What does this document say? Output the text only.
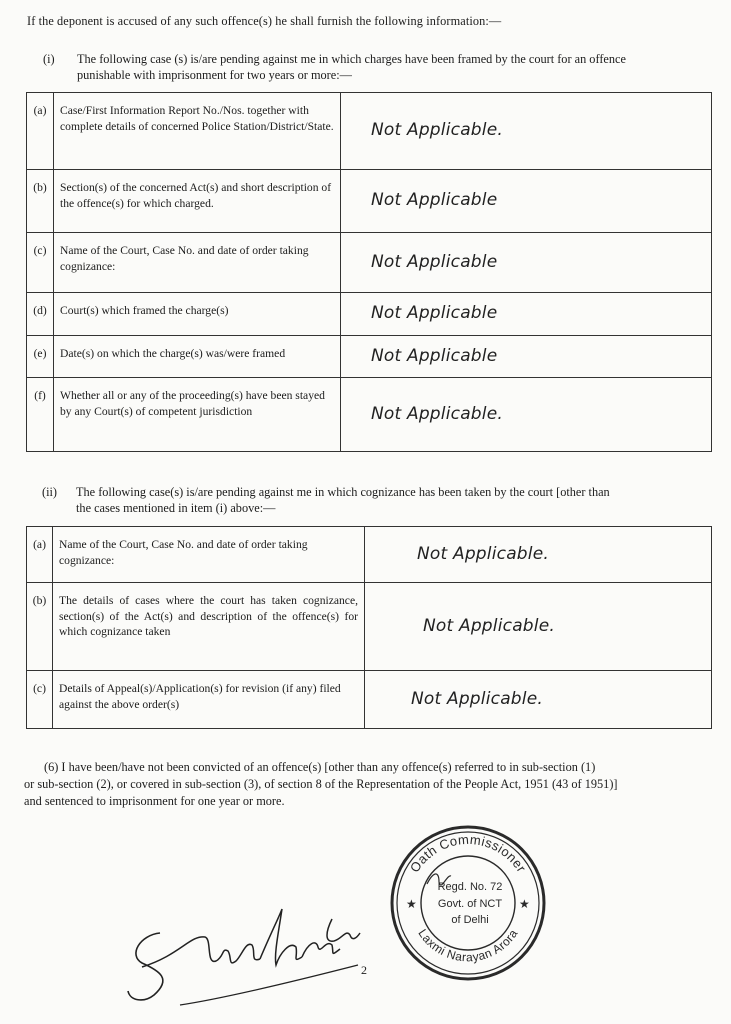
If the deponent is accused of any such offence(s) he shall furnish the following information:—
(i) The following case (s) is/are pending against me in which charges have been framed by the court for an offence
punishable with imprisonment for two years or more:—
(a)	Case/First Information Report No./Nos. together with complete details of concerned Police Station/District/State.	Not Applicable.
(b)	Section(s) of the concerned Act(s) and short description of the offence(s) for which charged.	Not Applicable
(c)	Name of the Court, Case No. and date of order taking cognizance:	Not Applicable
(d)	Court(s) which framed the charge(s)	Not Applicable
(e)	Date(s) on which the charge(s) was/were framed	Not Applicable
(f)	Whether all or any of the proceeding(s) have been stayed by any Court(s) of competent jurisdiction	Not Applicable.
(ii) The following case(s) is/are pending against me in which cognizance has been taken by the court [other than
the cases mentioned in item (i) above:—
(a)	Name of the Court, Case No. and date of order taking cognizance:	Not Applicable.
(b)	The details of cases where the court has taken cognizance, section(s) of the Act(s) and description of the offence(s) for which cognizance taken	Not Applicable.
(c)	Details of Appeal(s)/Application(s) for revision (if any) filed against the above order(s)	Not Applicable.
(6) I have been/have not been convicted of an offence(s) [other than any offence(s) referred to in sub-section (1)
or sub-section (2), or covered in sub-section (3), of section 8 of the Representation of the People Act, 1951 (43 of 1951)]
and sentenced to imprisonment for one year or more.
2
Oath Commissioner
Laxmi Narayan Arora
★	★
Regd. No. 72
Govt. of NCT
of Delhi
